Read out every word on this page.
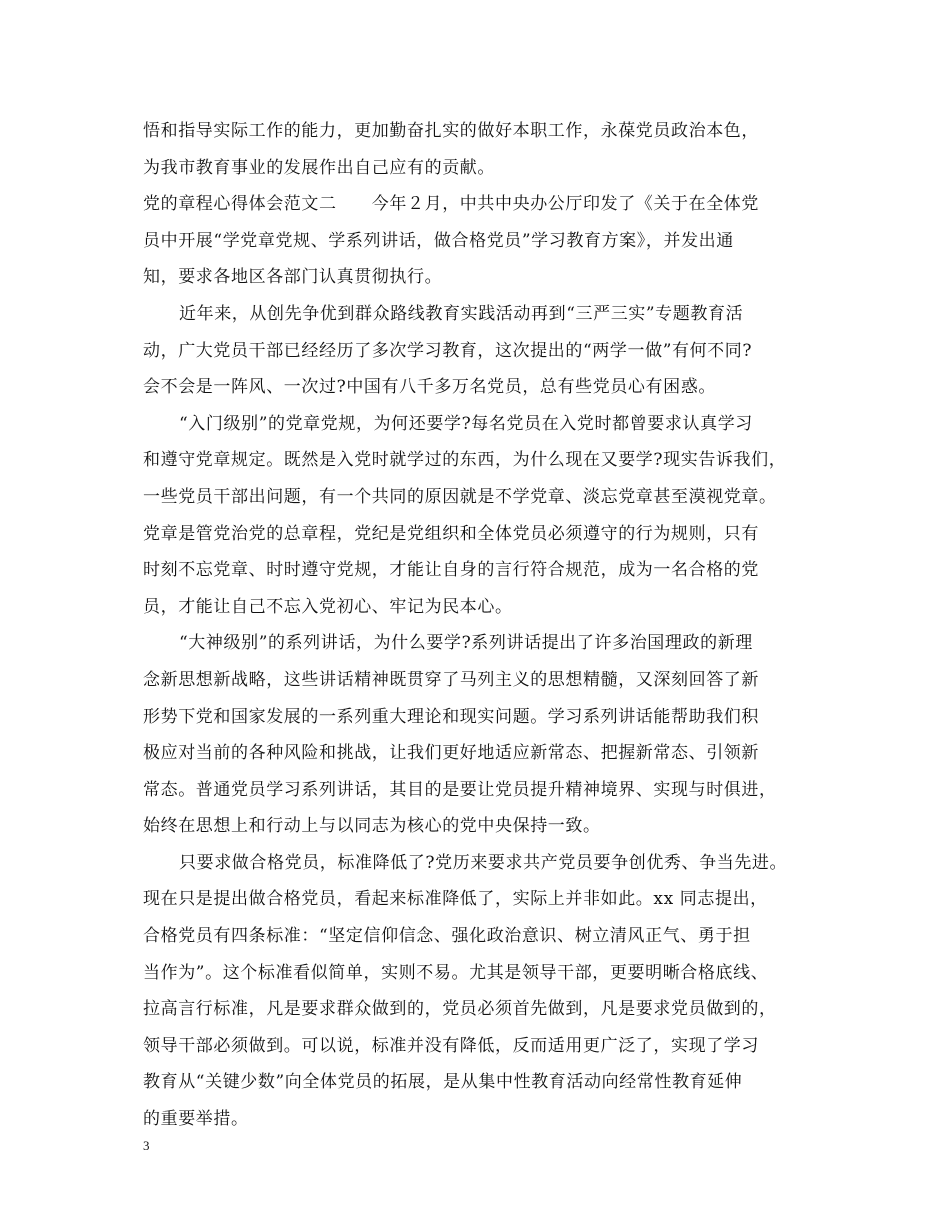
悟和指导实际工作的能力，更加勤奋扎实的做好本职工作，永葆党员政治本色，
为我市教育事业的发展作出自己应有的贡献。
党的章程心得体会范文二　　今年２月，中共中央办公厅印发了《关于在全体党
员中开展“学党章党规、学系列讲话，做合格党员”学习教育方案》，并发出通
知，要求各地区各部门认真贯彻执行。
近年来，从创先争优到群众路线教育实践活动再到“三严三实”专题教育活
动，广大党员干部已经经历了多次学习教育，这次提出的“两学一做”有何不同?
会不会是一阵风、一次过?中国有八千多万名党员，总有些党员心有困惑。
“入门级别”的党章党规，为何还要学?每名党员在入党时都曾要求认真学习
和遵守党章规定。既然是入党时就学过的东西，为什么现在又要学?现实告诉我们，
一些党员干部出问题，有一个共同的原因就是不学党章、淡忘党章甚至漠视党章。
党章是管党治党的总章程，党纪是党组织和全体党员必须遵守的行为规则，只有
时刻不忘党章、时时遵守党规，才能让自身的言行符合规范，成为一名合格的党
员，才能让自己不忘入党初心、牢记为民本心。
“大神级别”的系列讲话，为什么要学?系列讲话提出了许多治国理政的新理
念新思想新战略，这些讲话精神既贯穿了马列主义的思想精髓，又深刻回答了新
形势下党和国家发展的一系列重大理论和现实问题。学习系列讲话能帮助我们积
极应对当前的各种风险和挑战，让我们更好地适应新常态、把握新常态、引领新
常态。普通党员学习系列讲话，其目的是要让党员提升精神境界、实现与时俱进，
始终在思想上和行动上与以同志为核心的党中央保持一致。
只要求做合格党员，标准降低了?党历来要求共产党员要争创优秀、争当先进。
现在只是提出做合格党员，看起来标准降低了，实际上并非如此。xx 同志提出，
合格党员有四条标准：“坚定信仰信念、强化政治意识、树立清风正气、勇于担
当作为”。这个标准看似简单，实则不易。尤其是领导干部，更要明晰合格底线、
拉高言行标准，凡是要求群众做到的，党员必须首先做到，凡是要求党员做到的，
领导干部必须做到。可以说，标准并没有降低，反而适用更广泛了，实现了学习
教育从“关键少数”向全体党员的拓展，是从集中性教育活动向经常性教育延伸
的重要举措。
3
